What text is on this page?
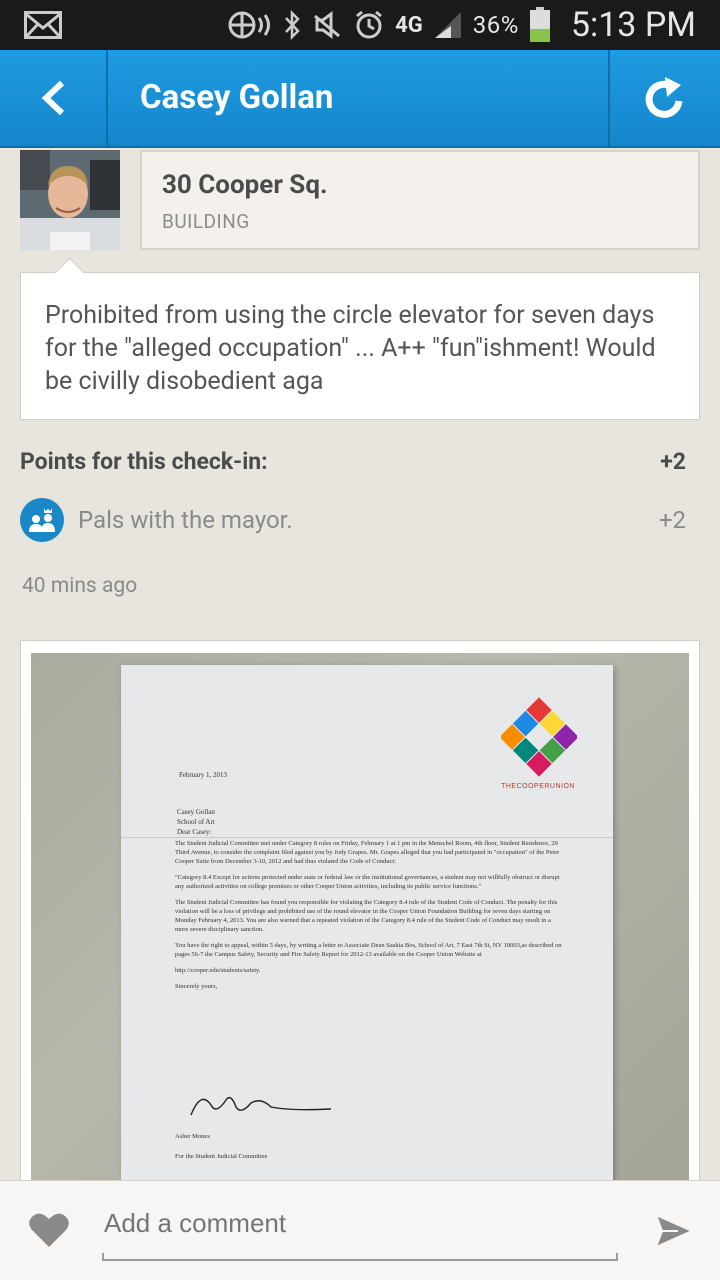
4G 36% 5:13 PM
Casey Gollan
30 Cooper Sq.
BUILDING
Prohibited from using the circle elevator for seven days for the "alleged occupation" ... A++ "fun"ishment! Would be civilly disobedient aga
Points for this check-in:	+2
Pals with the mayor.	+2
40 mins ago
THECOOPERUNION
February 1, 2013
Casey Gollan
School of Art
Dear Casey:

The Student Judicial Committee met under Category 8 rules on Friday, February 1 at 1 pm in the Menschel Room, 4th floor, Student Residence, 29 Third Avenue, to consider the complaint filed against you by Jody Grapes. Mr. Grapes alleged that you had participated in "occupation" of the Peter Cooper Suite from December 3-10, 2012 and had thus violated the Code of Conduct:

"Category 8.4 Except for actions protected under state or federal law or the institutional governances, a student may not willfully obstruct or disrupt any authorized activities on college premises or other Cooper Union activities, including its public service functions."

The Student Judicial Committee has found you responsible for violating the Category 8.4 rule of the Student Code of Conduct. The penalty for this violation will be a loss of privilege and prohibited use of the round elevator in the Cooper Union Foundation Building for seven days starting on Monday February 4, 2013. You are also warned that a repeated violation of the Category 8.4 rule of the Student Code of Conduct may result in a more severe disciplinary sanction.

You have the right to appeal, within 5 days, by writing a letter to Associate Dean Saskia Bos, School of Art, 7 East 7th St, NY 10003,as described on pages 56-7 the Campus Safety, Security and Fire Safety Report for 2012-13 available on the Cooper Union Website at

http://cooper.edu/students/safety.

Sincerely yours,

Asher Mones
For the Student Judicial Committee
Add a comment
